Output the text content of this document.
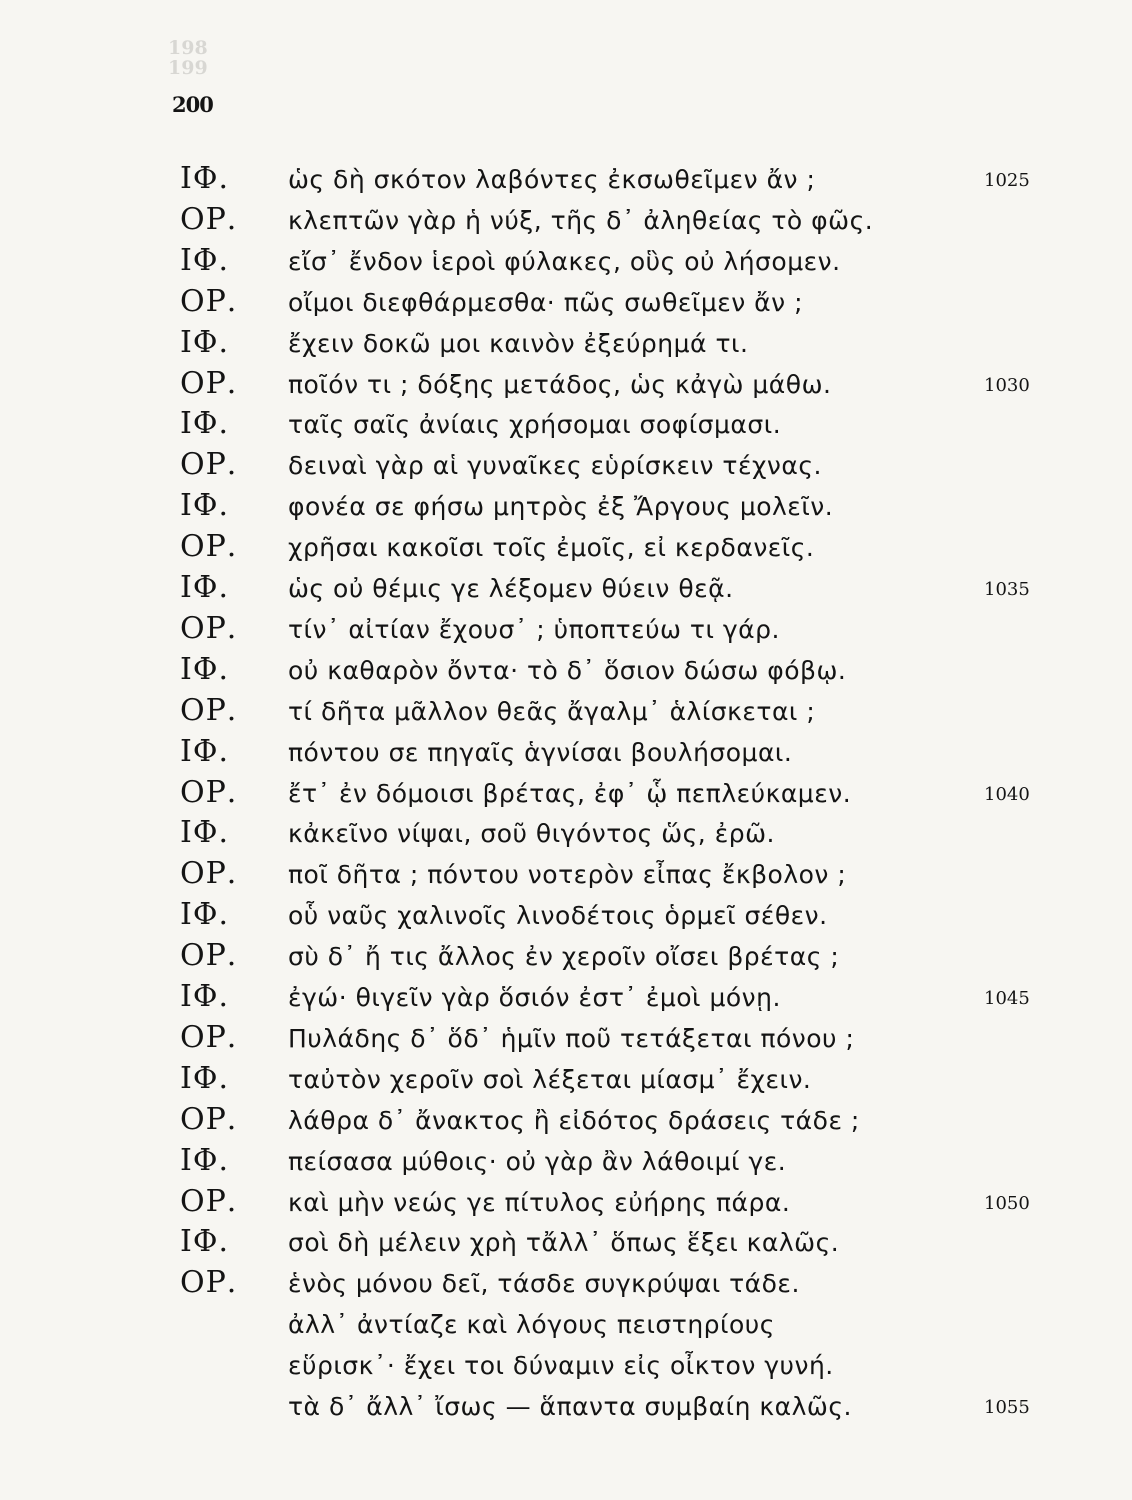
198
199
200
ΙΦ. ὡς δὴ σκότον λαβόντες ἐκσωθεῖμεν ἄν ;	1025
ΟΡ. κλεπτῶν γὰρ ἡ νύξ, τῆς δ᾽ ἀληθείας τὸ φῶς.
ΙΦ. εἴσ᾽ ἔνδον ἱεροὶ φύλακες, οὓς οὐ λήσομεν.
ΟΡ. οἴμοι διεφθάρμεσθα· πῶς σωθεῖμεν ἄν ;
ΙΦ. ἔχειν δοκῶ μοι καινὸν ἐξεύρημά τι.
ΟΡ. ποῖόν τι ; δόξης μετάδος, ὡς κἀγὼ μάθω.	1030
ΙΦ. ταῖς σαῖς ἀνίαις χρήσομαι σοφίσμασι.
ΟΡ. δειναὶ γὰρ αἱ γυναῖκες εὑρίσκειν τέχνας.
ΙΦ. φονέα σε φήσω μητρὸς ἐξ Ἄργους μολεῖν.
ΟΡ. χρῆσαι κακοῖσι τοῖς ἐμοῖς, εἰ κερδανεῖς.
ΙΦ. ὡς οὐ θέμις γε λέξομεν θύειν θεᾷ.	1035
ΟΡ. τίν᾽ αἰτίαν ἔχουσ᾽ ; ὑποπτεύω τι γάρ.
ΙΦ. οὐ καθαρὸν ὄντα· τὸ δ᾽ ὅσιον δώσω φόβῳ.
ΟΡ. τί δῆτα μᾶλλον θεᾶς ἄγαλμ᾽ ἁλίσκεται ;
ΙΦ. πόντου σε πηγαῖς ἁγνίσαι βουλήσομαι.
ΟΡ. ἔτ᾽ ἐν δόμοισι βρέτας, ἐφ᾽ ᾧ πεπλεύκαμεν.	1040
ΙΦ. κἀκεῖνο νίψαι, σοῦ θιγόντος ὥς, ἐρῶ.
ΟΡ. ποῖ δῆτα ; πόντου νοτερὸν εἶπας ἔκβολον ;
ΙΦ. οὗ ναῦς χαλινοῖς λινοδέτοις ὁρμεῖ σέθεν.
ΟΡ. σὺ δ᾽ ἤ τις ἄλλος ἐν χεροῖν οἴσει βρέτας ;
ΙΦ. ἐγώ· θιγεῖν γὰρ ὅσιόν ἐστ᾽ ἐμοὶ μόνῃ.	1045
ΟΡ. Πυλάδης δ᾽ ὅδ᾽ ἡμῖν ποῦ τετάξεται πόνου ;
ΙΦ. ταὐτὸν χεροῖν σοὶ λέξεται μίασμ᾽ ἔχειν.
ΟΡ. λάθρα δ᾽ ἄνακτος ἢ εἰδότος δράσεις τάδε ;
ΙΦ. πείσασα μύθοις· οὐ γὰρ ἂν λάθοιμί γε.
ΟΡ. καὶ μὴν νεώς γε πίτυλος εὐήρης πάρα.	1050
ΙΦ. σοὶ δὴ μέλειν χρὴ τἄλλ᾽ ὅπως ἕξει καλῶς.
ΟΡ. ἑνὸς μόνου δεῖ, τάσδε συγκρύψαι τάδε.
ἀλλ᾽ ἀντίαζε καὶ λόγους πειστηρίους
εὕρισκ᾽· ἔχει τοι δύναμιν εἰς οἶκτον γυνή.
τὰ δ᾽ ἄλλ᾽ ἴσως — ἅπαντα συμβαίη καλῶς.	1055
